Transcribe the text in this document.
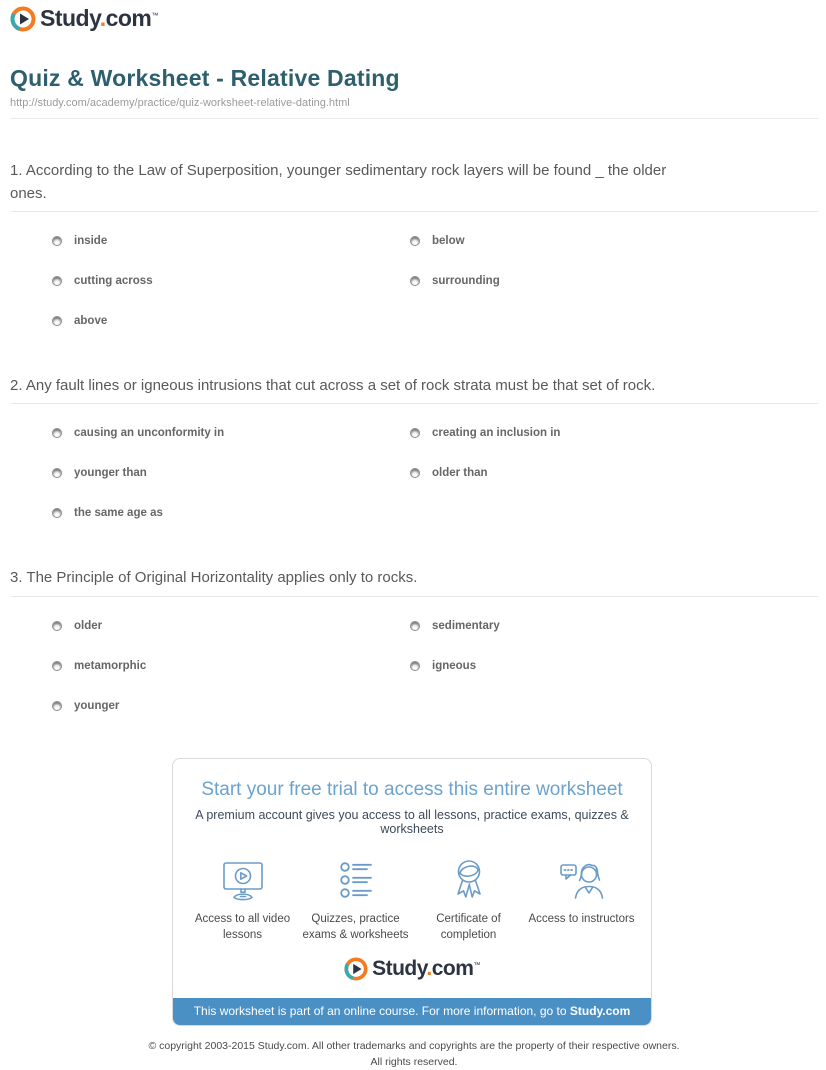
Study.com™
Quiz & Worksheet - Relative Dating
http://study.com/academy/practice/quiz-worksheet-relative-dating.html
1. According to the Law of Superposition, younger sedimentary rock layers will be found _ the older ones.
inside	below
cutting across	surrounding
above
2. Any fault lines or igneous intrusions that cut across a set of rock strata must be that set of rock.
causing an unconformity in	creating an inclusion in
younger than	older than
the same age as
3. The Principle of Original Horizontality applies only to rocks.
older	sedimentary
metamorphic	igneous
younger
Start your free trial to access this entire worksheet
A premium account gives you access to all lessons, practice exams, quizzes & worksheets
Access to all video lessons
Quizzes, practice exams & worksheets
Certificate of completion
Access to instructors
Study.com™
This worksheet is part of an online course. For more information, go to Study.com
© copyright 2003-2015 Study.com. All other trademarks and copyrights are the property of their respective owners.
All rights reserved.
